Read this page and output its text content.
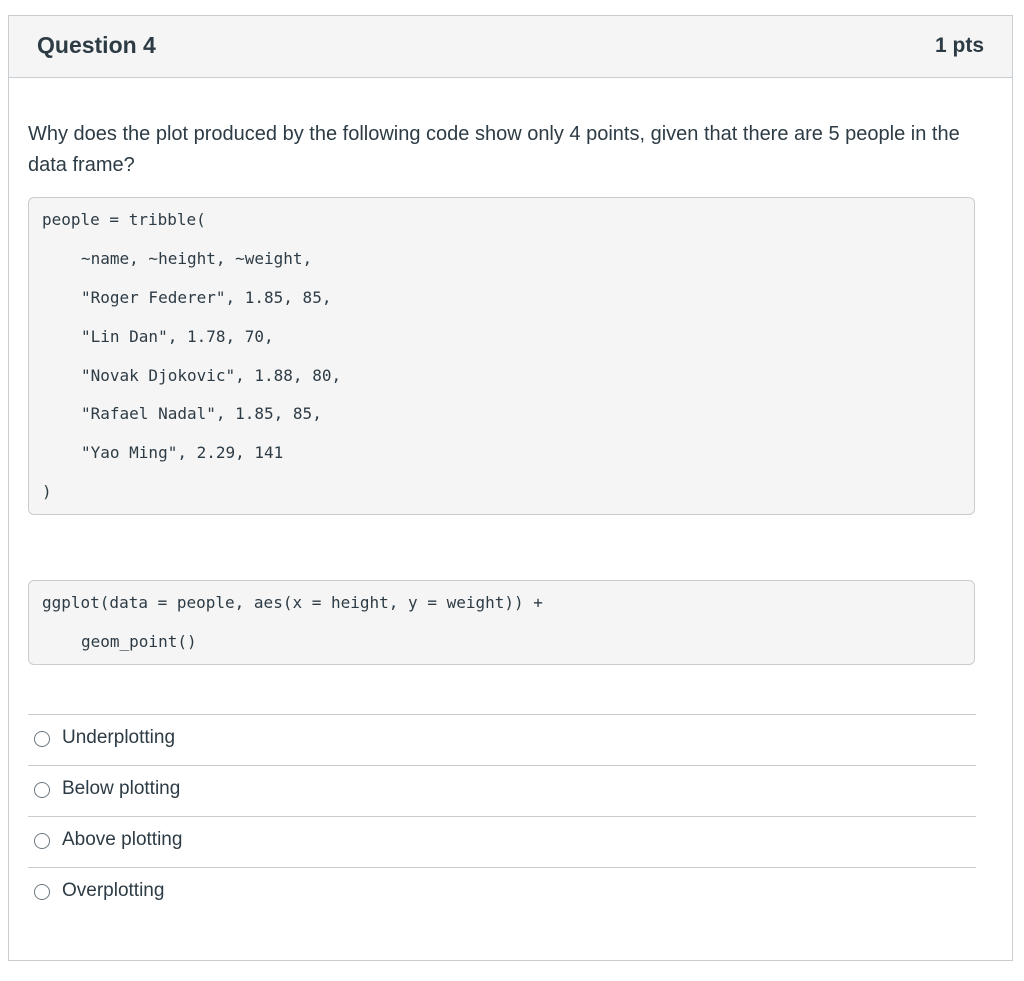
Question 4	1 pts
Why does the plot produced by the following code show only 4 points, given that there are 5 people in the data frame?
people = tribble(
~name, ~height, ~weight,
"Roger Federer", 1.85, 85,
"Lin Dan", 1.78, 70,
"Novak Djokovic", 1.88, 80,
"Rafael Nadal", 1.85, 85,
"Yao Ming", 2.29, 141
)
ggplot(data = people, aes(x = height, y = weight)) +
geom_point()
Underplotting
Below plotting
Above plotting
Overplotting
